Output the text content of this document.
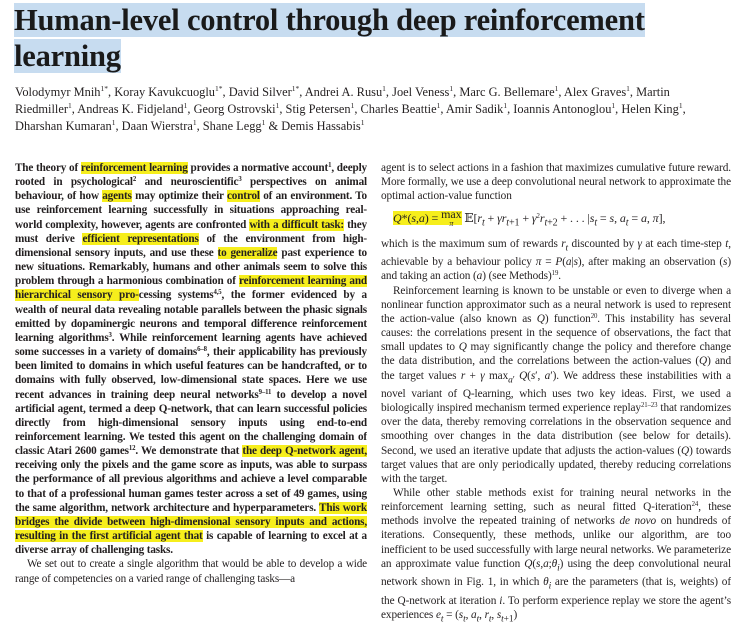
Human-level control through deep reinforcement
learning

Volodymyr Mnih$^{1*}$, Koray Kavukcuoglu$^{1*}$, David Silver$^{1*}$, Andrei A. Rusu$^1$, Joel Veness$^1$, Marc G. Bellemare$^1$, Alex Graves$^1$, Martin Riedmiller$^1$, Andreas K. Fidjeland$^1$, Georg Ostrovski$^1$, Stig Petersen$^1$, Charles Beattie$^1$, Amir Sadik$^1$, Ioannis Antonoglou$^1$, Helen King$^1$, Dharshan Kumaran$^1$, Daan Wierstra$^1$, Shane Legg$^1$ & Demis Hassabis$^1$

The theory of reinforcement learning provides a normative account$^1$, deeply rooted in psychological$^2$ and neuroscientific$^3$ perspectives on animal behaviour, of how agents may optimize their control of an environment. To use reinforcement learning successfully in situations approaching real-world complexity, however, agents are confronted with a difficult task: they must derive efficient representations of the environment from high-dimensional sensory inputs, and use these to generalize past experience to new situations. Remarkably, humans and other animals seem to solve this problem through a harmonious combination of reinforcement learning and hierarchical sensory pro-cessing systems$^{4,5}$, the former evidenced by a wealth of neural data revealing notable parallels between the phasic signals emitted by dopaminergic neurons and temporal difference reinforcement learning algorithms$^3$. While reinforcement learning agents have achieved some successes in a variety of domains$^{6-8}$, their applicability has previously been limited to domains in which useful features can be handcrafted, or to domains with fully observed, low-dimensional state spaces. Here we use recent advances in training deep neural networks$^{9-11}$ to develop a novel artificial agent, termed a deep Q-network, that can learn successful policies directly from high-dimensional sensory inputs using end-to-end reinforcement learning. We tested this agent on the challenging domain of classic Atari 2600 games$^{12}$. We demonstrate that the deep Q-network agent, receiving only the pixels and the game score as inputs, was able to surpass the performance of all previous algorithms and achieve a level comparable to that of a professional human games tester across a set of 49 games, using the same algorithm, network architecture and hyperparameters. This work bridges the divide between high-dimensional sensory inputs and actions, resulting in the first artificial agent that is capable of learning to excel at a diverse array of challenging tasks.

We set out to create a single algorithm that would be able to develop a wide range of competencies on a varied range of challenging tasks—a

agent is to select actions in a fashion that maximizes cumulative future reward. More formally, we use a deep convolutional neural network to approximate the optimal action-value function

Q*(s,a) = max
π $𝔼[r_t + \gamma r_{t+1} + \gamma^2r_{t+2}$ + . . . $|s_t = s$, $a_t = a$, π],

which is the maximum sum of rewards $r_t$ discounted by γ at each time-step t, achievable by a behaviour policy π = P(a|s), after making an observation (s) and taking an action (a) (see Methods)$^{19}$.

Reinforcement learning is known to be unstable or even to diverge when a nonlinear function approximator such as a neural network is used to represent the action-value (also known as Q) function$^{20}$. This instability has several causes: the correlations present in the sequence of observations, the fact that small updates to Q may significantly change the policy and therefore change the data distribution, and the correlations between the action-values (Q) and the target values r + γ $\max_{a'} Q(s'$, a′). We address these instabilities with a novel variant of Q-learning, which uses two key ideas. First, we used a biologically inspired mechanism termed experience replay$^{21-23}$ that randomizes over the data, thereby removing correlations in the observation sequence and smoothing over changes in the data distribution (see below for details). Second, we used an iterative update that adjusts the action-values (Q) towards target values that are only periodically updated, thereby reducing correlations with the target.

While other stable methods exist for training neural networks in the reinforcement learning setting, such as neural fitted Q-iteration$^{24}$, these methods involve the repeated training of networks de novo on hundreds of iterations. Consequently, these methods, unlike our algorithm, are too inefficient to be used successfully with large neural networks. We parameterize an approximate value function $Q(s,a;\theta_i)$ using the deep convolutional neural network shown in Fig. 1, in which $\theta_i$ are the parameters (that is, weights) of the Q-network at iteration i. To perform experience replay we store the agent’s experiences $e_t = (s_t$, $a_t$, $r_t$, $s_{t+1}$)
